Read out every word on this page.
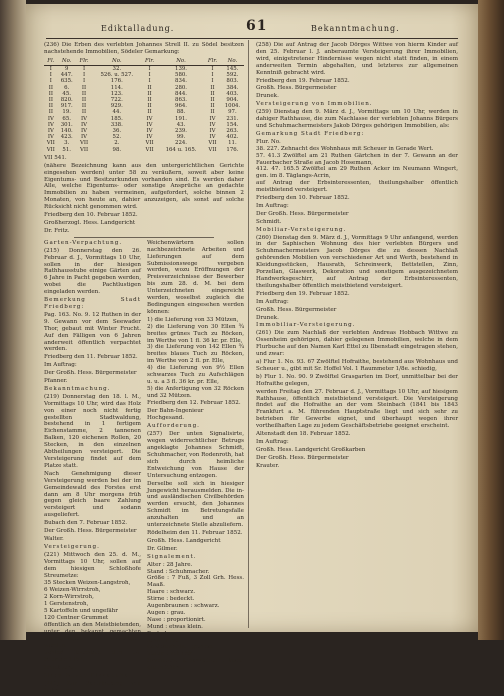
Ediktalladung.	61	Bekanntmachung.

(236) Die Erben des verlebten Johannes Strell II. zu Södel besitzen nachstehende Immobilien, Södeler Gemarkung:

Fl.	No.	Flr.	No.	Flr.	No.	Flr.	No.
I	9	I	32.	I	139.	I	145.
I	447.	I	526. u. 527.	I	580.	I	592.
I	635.	I	176.	I	834.	I	803.
II	6.	II	114.	II	280.	II	384.
II	45.	II	123.	II	844.	II	403.
II	820.	II	722.	II	863.	II	904.
II	917.	II	929.	II	964.	II	1004.
II	19.	II	44.	II	88.	II	97.
IV	65.	IV	185.	IV	191.	IV	231.
IV	301.	IV	338.	IV	43.	IV	154.
IV	140.	IV	36.	IV	239.	IV	263.
IV	423.	IV	52.	IV	99.	IV	402.
VII	3.	VII	2.	VII	224.	VII	11.
VII	51.	VII	98.	VII	164 u. 165.	VII	176.

VII 541.

(nähere Bezeichnung kann aus den untergerichtlichen Gerichte eingesehen werden) unter 58 zu veräußern, soweit aber keine Eigentums- und Besitzurkunden vorhanden sind. Es werden daher Alle, welche Eigentums- oder sonstige Ansprüche an gedachte Immobilien zu haben vermeinen, aufgefordert, solche binnen 2 Monaten, von heute an, dahier anzuzeigen, als sonst auf solche Rücksicht nicht genommen wird.

Friedberg den 10. Februar 1852.

Großherzogl. Hess. Landgericht

Dr. Fritz.

Garten-Verpachtung.

(215) Donnerstag den 26. Februar d. J., Vormittags 10 Uhr, sollen in der hiesigen Rathhausstube einige Gärten auf 6 Jahre in Pacht gegeben werden, wobei die Pachtlustigen eingeladen werden.

Bemerkung Stadt Friedberg:

Pag. 163. No. 9. 12 Ruthen in der 9. Gewann vor dem Seewader Thor, gebaut mit Winter Frucht. Auf den Fälligen von 6 Jahren anderweit öffentlich verpachtet werden.

Friedberg den 11. Februar 1852.

Im Auftrag:

Der Großh. Hess. Bürgermeister

Pfanner.

Bekanntmachung.

(219) Donnerstag den 18. l. M., Vormittags 10 Uhr, wird das Holz von einer noch nicht fertig gestellten Stadtwaldung, bestehend in 1 fertigem Eichenstamme, 2 tannenen Balken, 120 eichenen Rollen, 20 Stecken, in den einzelnen Abtheilungen versteigert. Die Versteigerung findet auf dem Platze statt.

Nach Genehmigung dieser Versteigerung werden bei der im Gemeindewald des Forstes erst dann am 8 Uhr morgens früh gegen gleich baare Zahlung versteigert und sodann ausgeliefert.

Bubach den 7. Februar 1852.

Der Großh. Hess. Bürgermeister

Walter.

Versteigerung.

(221) Mittwoch den 25. d. M., Vormittags 10 Uhr, sollen auf dem hiesigen Schloßhofe Streumetze:

35 Stecken Weizen-Langstroh,

6 Weizen-Wirrstroh,

2 Korn-Wirrstroh,

1 Gerstenstroh,

5 Kartoffeln und ungefähr

120 Centner Grummet

öffentlich an den Meistbietenden, unter den bekannt gemachten Bedingungen, versteigert werden.

Schloß Ilbenstadt den 14. Februar 1852.

Bruchleins.

Main-Weser-Eisenbahn.

(240) Zur Unterhaltung von Bahn- und

Weichenwärtern sollen nachbezeichnete Arbeiten und Lieferungen auf dem Submissionswege vergeben werden, wozu Eröffnungen der Preisverzeichnisse der Bewerber bis zum 28. d. M. bei dem Unterzeichneten eingereicht werden, woselbst zugleich die Bedingungen eingesehen werden können:

1) die Lieferung von 33 Mützen,

2) die Lieferung von 30 Ellen ¾ breites grünes Tuch zu Röcken, im Werthe von 1 fl. 36 kr. pr. Elle,

3) die Lieferung von 142 Ellen ¾ breites blaues Tuch zu Röcken, im Werthe von 2 fl. pr. Elle,

4) die Lieferung von 9½ Ellen schwarzes Tuch zu Aufschlägen u. u. a 3 fl. 36 kr. pr. Elle,

5) die Anfertigung von 32 Röcken und 32 Mützen.

Friedberg den 12. Februar 1852.

Der Bahn-Ingenieur

Hochgesand.

Aufforderung.

(257) Der unten Signalisirte, wegen widerrechtlicher Betrugs angeklagte Johannes Schmidt, Schuhmacher, von Rodenroth, hat sich durch heimliche Entweichung von Hause der Untersuchung entzogen.

Derselbe soll sich in hiesiger Jungewicht herausmelden. Die in- und ausländischen Civilbehörden werden ersucht, den Johannes Schmidt im Betretungsfalle anzuhalten und an unterzeichnete Stelle abzuliefern.

Rödelheim den 11. Februar 1852.

Großh. Hess. Landgericht

Dr. Gilmer.

Signalement.

Alter : 28 Jahre.

Stand : Schuhmacher.

Größe : 7 Fuß, 3 Zoll Grh. Hess. Maaß.

Haare : schwarz.

Stirne : bedeckt.

Augenbraunen : schwarz.

Augen : grau.

Nase : proportionirt.

Mund : etwas klein.

Bart : braun.

Kinn : rund.

Gesichtsfarbe : gesund.

Statur : schlank.

Besondere Kennzeichen : keine guten Zähne.

(258) Die auf Antrag der Jacob Dörges Wittwe von hierm Kinder auf den 25. Februar l. J. anberaumte Versteigerung ihrer Immobilien, wird, einigetretener Hindernisse wegen nicht statt finden, in einem anderweiten Termin abgehalten, und letzteres zur allgemeinen Kenntniß gebracht wird.

Friedberg den 19. Februar 1852.

Großh. Hess. Bürgermeister

Drunek.

Versteigerung von Immobilien.

(259) Dienstag den 9. März d. J., Vormittags um 10 Uhr, werden in dahiger Rathhause, die zum Nachlasse der verlebten Johanns Bürgers und Schuhmachermeisters Jakob Dörges gehörigen Immobilien, als:

Gemarkung Stadt Friedberg:

Flur. No.

38. 227. Zehnacht des Wohnhaus mit Scheuer in Gerade Wert.

57. 41.3 Zwölftel am 21 Ruthen Gärtchen in der 7. Gewann an der Fauerbacher Straße an Jacob Hosemann,

412. 47. 165.5 Zwölftel am 29 Ruthen Acker im Neumann Wingert, gen. im 8. Täglangs-Acrin,

auf Antrag der Erbsinteressenten, theilungshalber öffentlich meistbietend versteigert.

Friedberg den 10. Februar 1852.

Im Auftrag:

Der Großh. Hess. Bürgermeister

Schmidt.

Mobiliar-Versteigerung.

(260) Dienstag den 9. März d. J., Vormittags 9 Uhr anfangend, werden in der Saphischen Wohnung des hier verlebten Bürgers und Schuhmachermeisters Jacob Dörges die zu dessen Nachlaß gehörenden Mobilien von verschiedener Art und Werth, bestehend in Kleidungsstücken, Hausrath, Schreinwerk, Bettstellen, Zinn, Porzellan, Glaswerk, Dekoration und sonstigem ausgezeichnetem Handwerksgeschirr, auf Antrag der Erbsinteressenten, theilungshalber öffentlich meistbietend versteigert.

Friedberg den 19. Februar 1852.

Im Auftrag:

Großh. Hess. Bürgermeister

Drunek.

Immobiliar-Versteigerung.

(261) Die zum Nachlaß der verlebten Andreas Hobbach Wittwe zu Ossenheim gehörigen, dahier gelegenen Immobilien, welche in dem Flurbuche auf den Namen Karl Ettel zu Ilbenstadt eingetragen stehen, und zwar:

a) Flur 1. No. 93. 67 Zwölftel Hofraithe, bestehend aus Wohnhaus und Scheuer u., gibt mit Sr. Hoffel Vol. 1 Raummeter 1/8e. schiedig,

b) Flur 1. No. 90. 9 Zwölftel Grasgarten im Dorf, unmittelbar bei der Hofraithe gelegen,

werden Freitag den 27. Februar d. J., Vormittags 10 Uhr, auf hiesigem Rathhause, öffentlich meistbietend versteigert. Die Versteigerung findet auf die Hofraithe an der vom Steinbach (1841 bis 1843 Frankfurt a. M. führenden Hauptstraße liegt und sich sehr zu betrieben für Gewerbe eignet, und überhaupt wegen ihrer vortheilhaften Lage zu jedem Geschäftsbetriebe geeignet erscheint.

Altenstadt den 18. Februar 1852.

Im Auftrag:

Großh. Hess. Landgericht Großkarben

Der Großh. Hess. Bürgermeister

Krauter.
